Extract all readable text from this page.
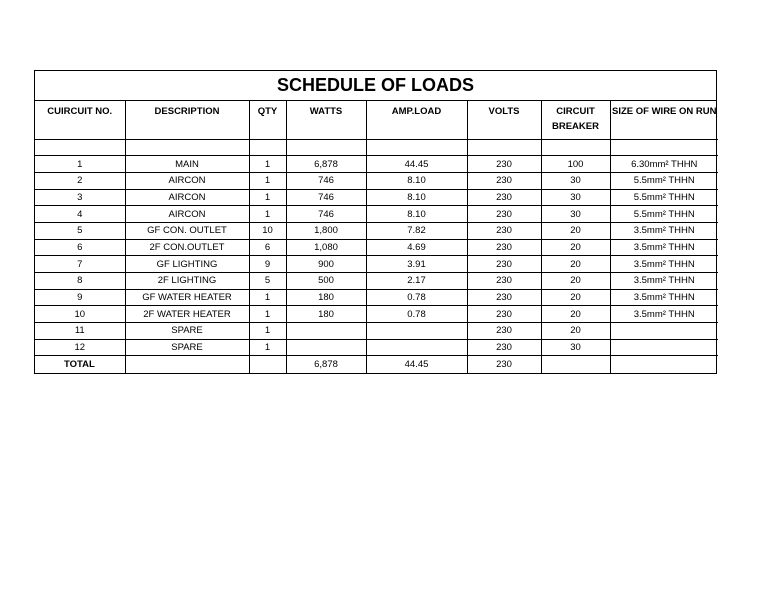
SCHEDULE OF LOADS
CUIRCUIT NO.	DESCRIPTION	QTY	WATTS	AMP.LOAD	VOLTS	CIRCUIT BREAKER	SIZE OF WIRE ON RUN

1	MAIN	1	6,878	44.45	230	100	6.30mm² THHN
2	AIRCON	1	746	8.10	230	30	5.5mm² THHN
3	AIRCON	1	746	8.10	230	30	5.5mm² THHN
4	AIRCON	1	746	8.10	230	30	5.5mm² THHN
5	GF CON. OUTLET	10	1,800	7.82	230	20	3.5mm² THHN
6	2F CON.OUTLET	6	1,080	4.69	230	20	3.5mm² THHN
7	GF LIGHTING	9	900	3.91	230	20	3.5mm² THHN
8	2F LIGHTING	5	500	2.17	230	20	3.5mm² THHN
9	GF WATER HEATER	1	180	0.78	230	20	3.5mm² THHN
10	2F WATER HEATER	1	180	0.78	230	20	3.5mm² THHN
11	SPARE	1			230	20	
12	SPARE	1			230	30	
TOTAL			6,878	44.45	230		
